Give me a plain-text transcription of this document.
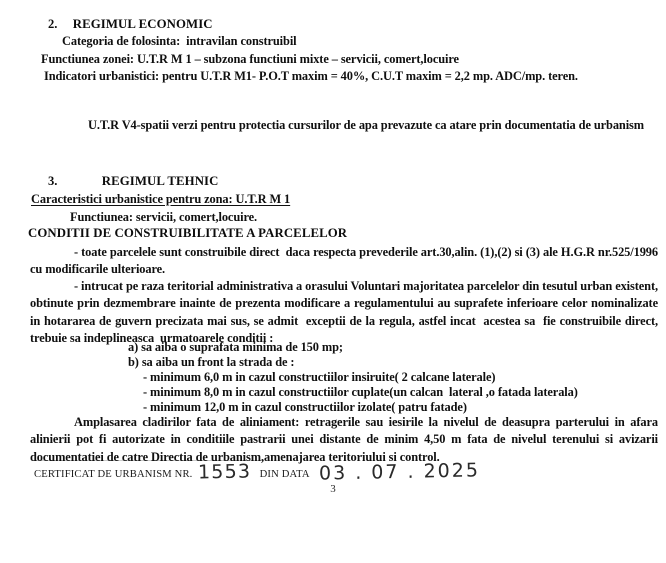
2. REGIMUL ECONOMIC
Categoria de folosinta:  intravilan construibil
Functiunea zonei: U.T.R M 1 – subzona functiuni mixte – servicii, comert,locuire
Indicatori urbanistici: pentru U.T.R M1- P.O.T maxim = 40%, C.U.T maxim = 2,2 mp. ADC/mp. teren.
U.T.R V4-spatii verzi pentru protectia cursurilor de apa prevazute ca atare prin documentatia de urbanism
3.	REGIMUL TEHNIC
Caracteristici urbanistice pentru zona: U.T.R M 1
Functiunea: servicii, comert,locuire.
CONDITII DE CONSTRUIBILITATE A PARCELELOR
- toate parcelele sunt construibile direct  daca respecta prevederile art.30,alin. (1),(2) si (3) ale H.G.R nr.525/1996 cu modificarile ulterioare.
- intrucat pe raza teritorial administrativa a orasului Voluntari majoritatea parcelelor din tesutul urban existent,  obtinute prin dezmembrare inainte de prezenta modificare a regulamentului au suprafete inferioare celor nominalizate in hotararea de guvern precizata mai sus, se admit  exceptii de la regula, astfel incat  acestea sa  fie construibile direct, trebuie sa indeplineasca  urmatoarele conditii :
a) sa aiba o suprafata minima de 150 mp;
b) sa aiba un front la strada de :
- minimum 6,0 m in cazul constructiilor insiruite( 2 calcane laterale)
- minimum 8,0 m in cazul constructiilor cuplate(un calcan  lateral ,o fatada laterala)
- minimum 12,0 m in cazul constructiilor izolate( patru fatade)
Amplasarea cladirilor fata de aliniament: retragerile sau iesirile la nivelul de deasupra parterului in afara alinierii pot fi autorizate in conditiile pastrarii unei distante de minim 4,50 m fata de nivelul terenului si avizarii documentatiei de catre Directia de urbanism,amenajarea teritoriului si control.
CERTIFICAT DE URBANISM NR. 1553 DIN DATA 03 . 07 . 2025
3
